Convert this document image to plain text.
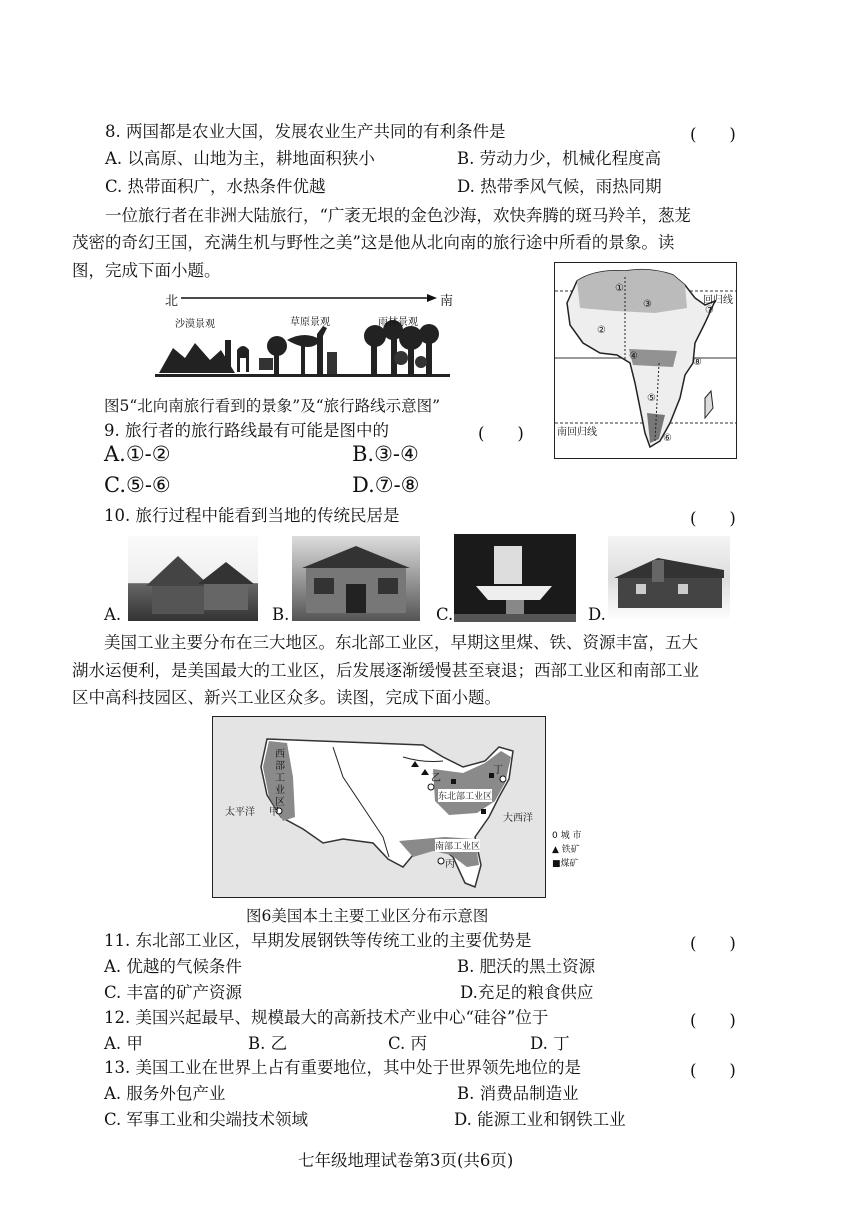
8. 两国都是农业大国，发展农业生产共同的有利条件是	(　　)
A. 以高原、山地为主，耕地面积狭小	B. 劳动力少，机械化程度高
C. 热带面积广，水热条件优越	D. 热带季风气候，雨热同期
一位旅行者在非洲大陆旅行，“广袤无垠的金色沙海，欢快奔腾的斑马羚羊，葱茏
茂密的奇幻王国，充满生机与野性之美”这是他从北向南的旅行途中所看的景象。读
图，完成下面小题。
北	南
沙漠景观	草原景观	雨林景观
图5“北向南旅行看到的景象”及“旅行路线示意图”
③
②
④
⑤
⑥
⑦
⑧
①
回归线
南回归线
9. 旅行者的旅行路线最有可能是图中的	(　　)
A.①-②	B.③-④
C.⑤-⑥	D.⑦-⑧
10. 旅行过程中能看到当地的传统民居是	(　　)
A.	B.	C.	D.
美国工业主要分布在三大地区。东北部工业区，早期这里煤、铁、资源丰富，五大
湖水运便利，是美国最大的工业区，后发展逐渐缓慢甚至衰退；西部工业区和南部工业
区中高科技园区、新兴工业区众多。读图，完成下面小题。
西部工业区	东北部工业区
南部工业区
太平洋 甲
大西洋
乙
丙
丁
0 城 市
▲ 铁矿
■煤矿
图6美国本土主要工业区分布示意图
11. 东北部工业区，早期发展钢铁等传统工业的主要优势是	(　　)
A. 优越的气候条件	B. 肥沃的黑土资源
C. 丰富的矿产资源	D.充足的粮食供应
12. 美国兴起最早、规模最大的高新技术产业中心“硅谷”位于	(　　)
A. 甲	B. 乙	C. 丙	D. 丁
13. 美国工业在世界上占有重要地位，其中处于世界领先地位的是	(　　)
A. 服务外包产业	B. 消费品制造业
C. 军事工业和尖端技术领域	D. 能源工业和钢铁工业
七年级地理试卷第3页(共6页)
